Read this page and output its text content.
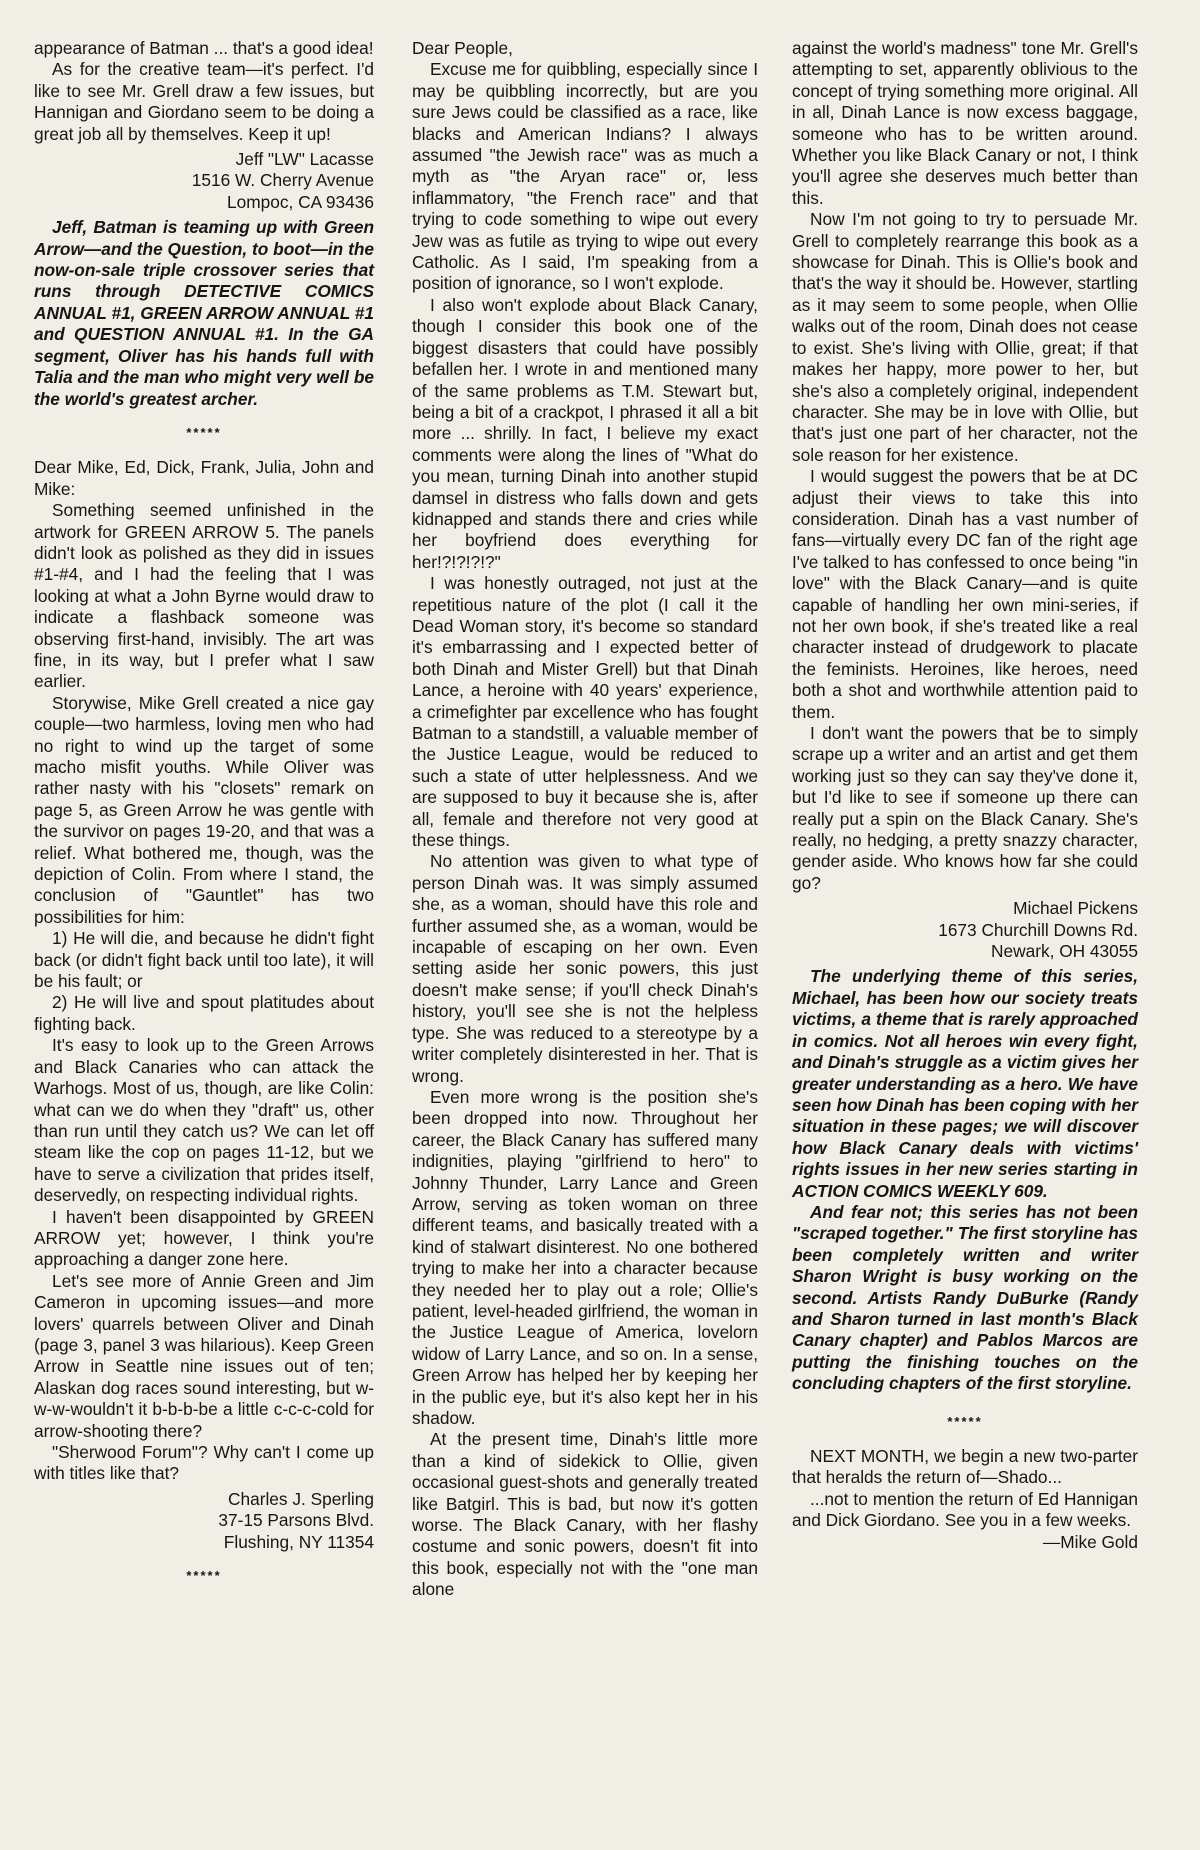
appearance of Batman ... that's a good idea!

As for the creative team—it's perfect. I'd like to see Mr. Grell draw a few issues, but Hannigan and Giordano seem to be doing a great job all by themselves. Keep it up!

Jeff "LW" Lacasse

1516 W. Cherry Avenue

Lompoc, CA 93436

Jeff, Batman is teaming up with Green Arrow—and the Question, to boot—in the now-on-sale triple crossover series that runs through DETECTIVE COMICS ANNUAL #1, GREEN ARROW ANNUAL #1 and QUESTION ANNUAL #1. In the GA segment, Oliver has his hands full with Talia and the man who might very well be the world's greatest archer.

*****

Dear Mike, Ed, Dick, Frank, Julia, John and Mike:

Something seemed unfinished in the artwork for GREEN ARROW 5. The panels didn't look as polished as they did in issues #1-#4, and I had the feeling that I was looking at what a John Byrne would draw to indicate a flashback someone was observing first-hand, invisibly. The art was fine, in its way, but I prefer what I saw earlier.

Storywise, Mike Grell created a nice gay couple—two harmless, loving men who had no right to wind up the target of some macho misfit youths. While Oliver was rather nasty with his "closets" remark on page 5, as Green Arrow he was gentle with the survivor on pages 19-20, and that was a relief. What bothered me, though, was the depiction of Colin. From where I stand, the conclusion of "Gauntlet" has two possibilities for him:

1) He will die, and because he didn't fight back (or didn't fight back until too late), it will be his fault; or

2) He will live and spout platitudes about fighting back.

It's easy to look up to the Green Arrows and Black Canaries who can attack the Warhogs. Most of us, though, are like Colin: what can we do when they "draft" us, other than run until they catch us? We can let off steam like the cop on pages 11-12, but we have to serve a civilization that prides itself, deservedly, on respecting individual rights.

I haven't been disappointed by GREEN ARROW yet; however, I think you're approaching a danger zone here.

Let's see more of Annie Green and Jim Cameron in upcoming issues—and more lovers' quarrels between Oliver and Dinah (page 3, panel 3 was hilarious). Keep Green Arrow in Seattle nine issues out of ten; Alaskan dog races sound interesting, but w-w-w-wouldn't it b-b-b-be a little c-c-c-cold for arrow-shooting there?

"Sherwood Forum"? Why can't I come up with titles like that?

Charles J. Sperling

37-15 Parsons Blvd.

Flushing, NY 11354

*****

Dear People,

Excuse me for quibbling, especially since I may be quibbling incorrectly, but are you sure Jews could be classified as a race, like blacks and American Indians? I always assumed "the Jewish race" was as much a myth as "the Aryan race" or, less inflammatory, "the French race" and that trying to code something to wipe out every Jew was as futile as trying to wipe out every Catholic. As I said, I'm speaking from a position of ignorance, so I won't explode.

I also won't explode about Black Canary, though I consider this book one of the biggest disasters that could have possibly befallen her. I wrote in and mentioned many of the same problems as T.M. Stewart but, being a bit of a crackpot, I phrased it all a bit more ... shrilly. In fact, I believe my exact comments were along the lines of "What do you mean, turning Dinah into another stupid damsel in distress who falls down and gets kidnapped and stands there and cries while her boyfriend does everything for her!?!?!?!?"

I was honestly outraged, not just at the repetitious nature of the plot (I call it the Dead Woman story, it's become so standard it's embarrassing and I expected better of both Dinah and Mister Grell) but that Dinah Lance, a heroine with 40 years' experience, a crimefighter par excellence who has fought Batman to a standstill, a valuable member of the Justice League, would be reduced to such a state of utter helplessness. And we are supposed to buy it because she is, after all, female and therefore not very good at these things.

No attention was given to what type of person Dinah was. It was simply assumed she, as a woman, should have this role and further assumed she, as a woman, would be incapable of escaping on her own. Even setting aside her sonic powers, this just doesn't make sense; if you'll check Dinah's history, you'll see she is not the helpless type. She was reduced to a stereotype by a writer completely disinterested in her. That is wrong.

Even more wrong is the position she's been dropped into now. Throughout her career, the Black Canary has suffered many indignities, playing "girlfriend to hero" to Johnny Thunder, Larry Lance and Green Arrow, serving as token woman on three different teams, and basically treated with a kind of stalwart disinterest. No one bothered trying to make her into a character because they needed her to play out a role; Ollie's patient, level-headed girlfriend, the woman in the Justice League of America, lovelorn widow of Larry Lance, and so on. In a sense, Green Arrow has helped her by keeping her in the public eye, but it's also kept her in his shadow.

At the present time, Dinah's little more than a kind of sidekick to Ollie, given occasional guest-shots and generally treated like Batgirl. This is bad, but now it's gotten worse. The Black Canary, with her flashy costume and sonic powers, doesn't fit into this book, especially not with the "one man alone

against the world's madness" tone Mr. Grell's attempting to set, apparently oblivious to the concept of trying something more original. All in all, Dinah Lance is now excess baggage, someone who has to be written around. Whether you like Black Canary or not, I think you'll agree she deserves much better than this.

Now I'm not going to try to persuade Mr. Grell to completely rearrange this book as a showcase for Dinah. This is Ollie's book and that's the way it should be. However, startling as it may seem to some people, when Ollie walks out of the room, Dinah does not cease to exist. She's living with Ollie, great; if that makes her happy, more power to her, but she's also a completely original, independent character. She may be in love with Ollie, but that's just one part of her character, not the sole reason for her existence.

I would suggest the powers that be at DC adjust their views to take this into consideration. Dinah has a vast number of fans—virtually every DC fan of the right age I've talked to has confessed to once being "in love" with the Black Canary—and is quite capable of handling her own mini-series, if not her own book, if she's treated like a real character instead of drudgework to placate the feminists. Heroines, like heroes, need both a shot and worthwhile attention paid to them.

I don't want the powers that be to simply scrape up a writer and an artist and get them working just so they can say they've done it, but I'd like to see if someone up there can really put a spin on the Black Canary. She's really, no hedging, a pretty snazzy character, gender aside. Who knows how far she could go?

Michael Pickens

1673 Churchill Downs Rd.

Newark, OH 43055

The underlying theme of this series, Michael, has been how our society treats victims, a theme that is rarely approached in comics. Not all heroes win every fight, and Dinah's struggle as a victim gives her greater understanding as a hero. We have seen how Dinah has been coping with her situation in these pages; we will discover how Black Canary deals with victims' rights issues in her new series starting in ACTION COMICS WEEKLY 609.

And fear not; this series has not been "scraped together." The first storyline has been completely written and writer Sharon Wright is busy working on the second. Artists Randy DuBurke (Randy and Sharon turned in last month's Black Canary chapter) and Pablos Marcos are putting the finishing touches on the concluding chapters of the first storyline.

*****

NEXT MONTH, we begin a new two-parter that heralds the return of—Shado...

...not to mention the return of Ed Hannigan and Dick Giordano. See you in a few weeks.

—Mike Gold
